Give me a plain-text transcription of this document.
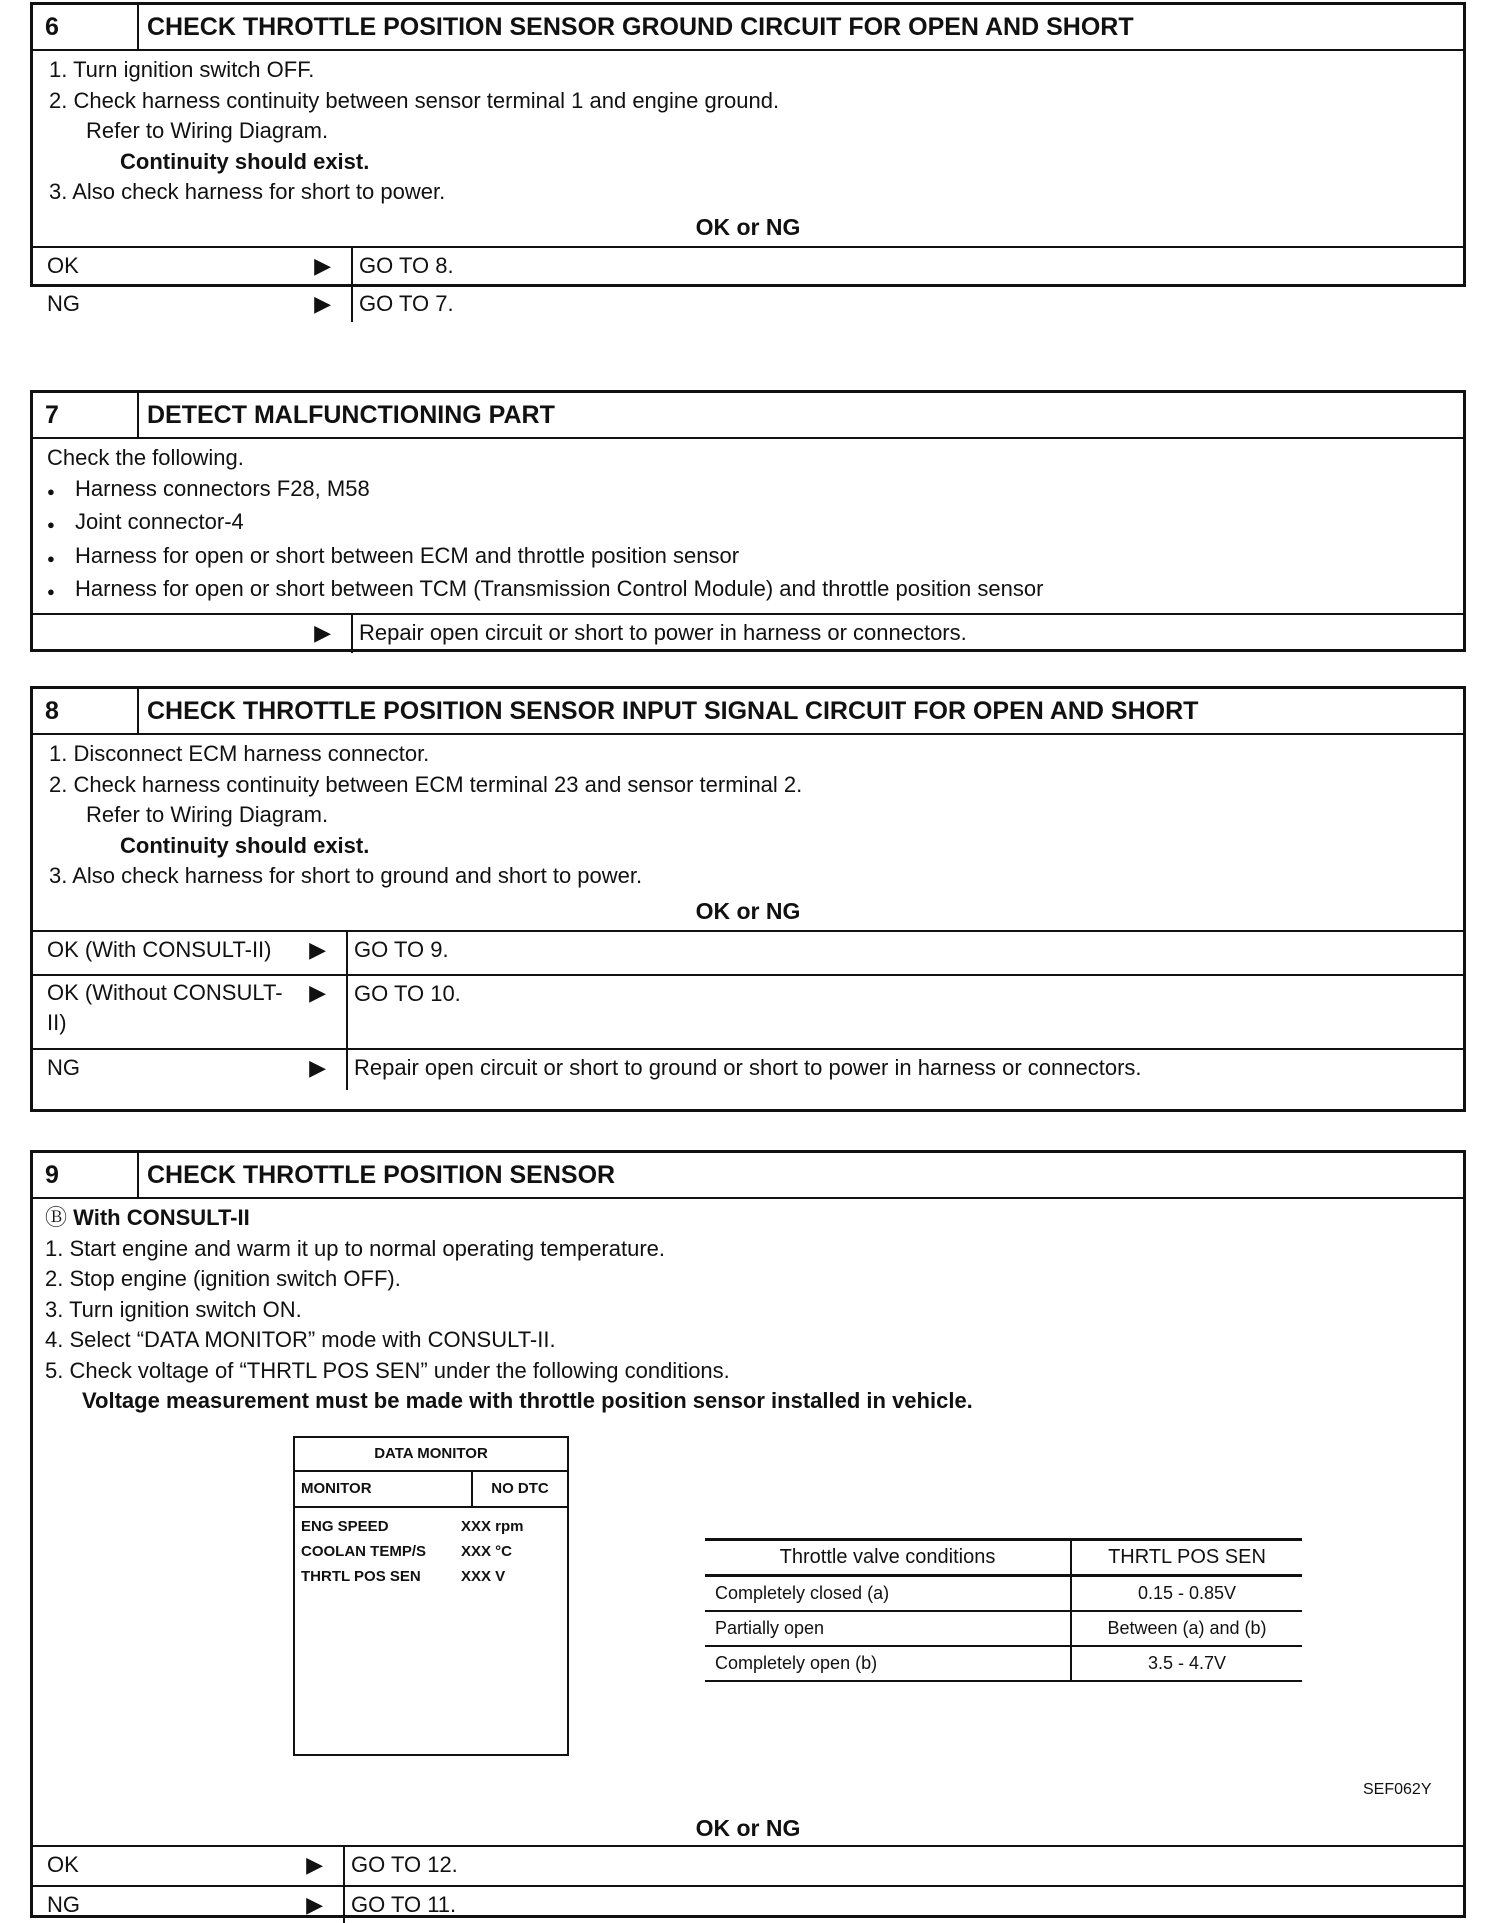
6	CHECK THROTTLE POSITION SENSOR GROUND CIRCUIT FOR OPEN AND SHORT
1. Turn ignition switch OFF.
2. Check harness continuity between sensor terminal 1 and engine ground.
Refer to Wiring Diagram.
Continuity should exist.
3. Also check harness for short to power.
OK or NG
OK	▶	GO TO 8.
NG	▶	GO TO 7.
7	DETECT MALFUNCTIONING PART
Check the following.
● Harness connectors F28, M58
● Joint connector-4
● Harness for open or short between ECM and throttle position sensor
● Harness for open or short between TCM (Transmission Control Module) and throttle position sensor
▶	Repair open circuit or short to power in harness or connectors.
8	CHECK THROTTLE POSITION SENSOR INPUT SIGNAL CIRCUIT FOR OPEN AND SHORT
1. Disconnect ECM harness connector.
2. Check harness continuity between ECM terminal 23 and sensor terminal 2.
Refer to Wiring Diagram.
Continuity should exist.
3. Also check harness for short to ground and short to power.
OK or NG
OK (With CONSULT-II) ▶	GO TO 9.
OK (Without CONSULT-
II)
▶	GO TO 10.
NG	▶	Repair open circuit or short to ground or short to power in harness or connectors.
9	CHECK THROTTLE POSITION SENSOR
Ⓑ With CONSULT-II
1. Start engine and warm it up to normal operating temperature.
2. Stop engine (ignition switch OFF).
3. Turn ignition switch ON.
4. Select “DATA MONITOR” mode with CONSULT-II.
5. Check voltage of “THRTL POS SEN” under the following conditions.
Voltage measurement must be made with throttle position sensor installed in vehicle.
DATA MONITOR
MONITOR	NO DTC
ENG SPEED	XXX rpm
COOLAN TEMP/S	XXX °C
THRTL POS SEN	XXX V
Throttle valve conditions	THRTL POS SEN
Completely closed (a)	0.15 - 0.85V
Partially open	Between (a) and (b)
Completely open (b)	3.5 - 4.7V
SEF062Y
OK or NG
OK	▶	GO TO 12.
NG	▶	GO TO 11.
